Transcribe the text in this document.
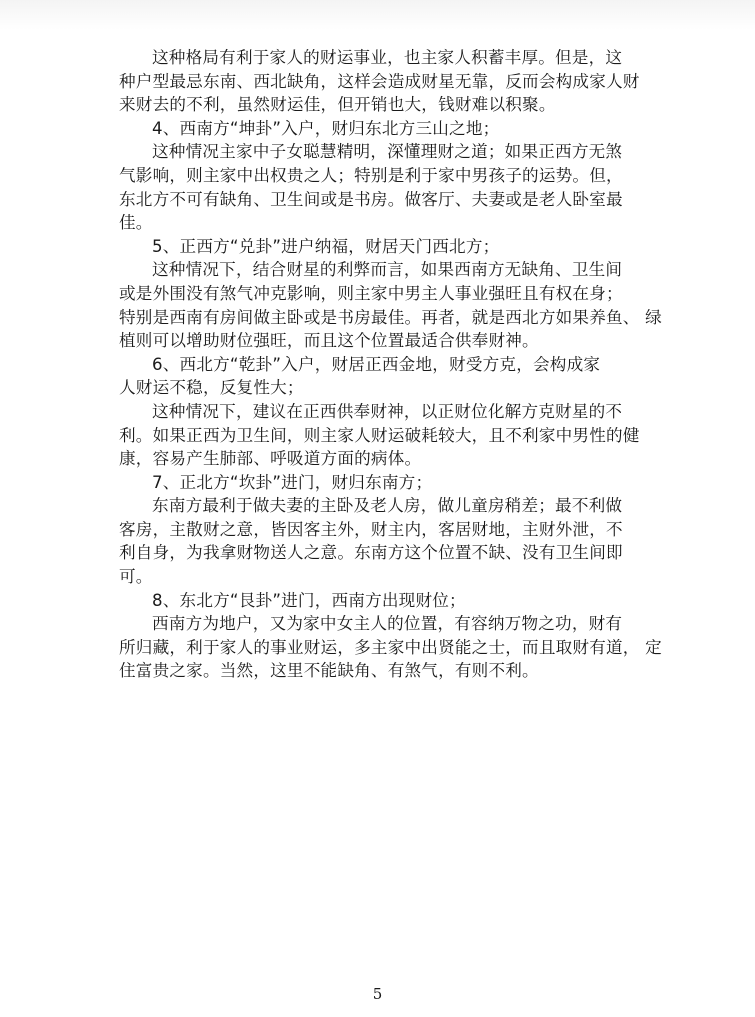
这种格局有利于家人的财运事业，也主家人积蓄丰厚。但是，这

种户型最忌东南、西北缺角，这样会造成财星无靠，反而会构成家人财

来财去的不利，虽然财运佳，但开销也大，钱财难以积聚。

4、西南方“坤卦”入户，财归东北方三山之地；

这种情况主家中子女聪慧精明，深懂理财之道；如果正西方无煞

气影响，则主家中出权贵之人；特别是利于家中男孩子的运势。但，

东北方不可有缺角、卫生间或是书房。做客厅、夫妻或是老人卧室最

佳。

5、正西方“兑卦”进户纳福，财居天门西北方；

这种情况下，结合财星的利弊而言，如果西南方无缺角、卫生间

或是外围没有煞气冲克影响，则主家中男主人事业强旺且有权在身；

特别是西南有房间做主卧或是书房最佳。再者，就是西北方如果养鱼、 绿

植则可以增助财位强旺，而且这个位置最适合供奉财神。

6、西北方“乾卦”入户，财居正西金地，财受方克，会构成家

人财运不稳，反复性大；

这种情况下，建议在正西供奉财神，以正财位化解方克财星的不

利。如果正西为卫生间，则主家人财运破耗较大，且不利家中男性的健

康，容易产生肺部、呼吸道方面的病体。

7、正北方“坎卦”进门，财归东南方；

东南方最利于做夫妻的主卧及老人房，做儿童房稍差；最不利做

客房，主散财之意，皆因客主外，财主内，客居财地，主财外泄，不

利自身，为我拿财物送人之意。东南方这个位置不缺、没有卫生间即

可。

8、东北方“艮卦”进门，西南方出现财位；

西南方为地户，又为家中女主人的位置，有容纳万物之功，财有

所归藏，利于家人的事业财运，多主家中出贤能之士，而且取财有道， 定

住富贵之家。当然，这里不能缺角、有煞气，有则不利。

5
